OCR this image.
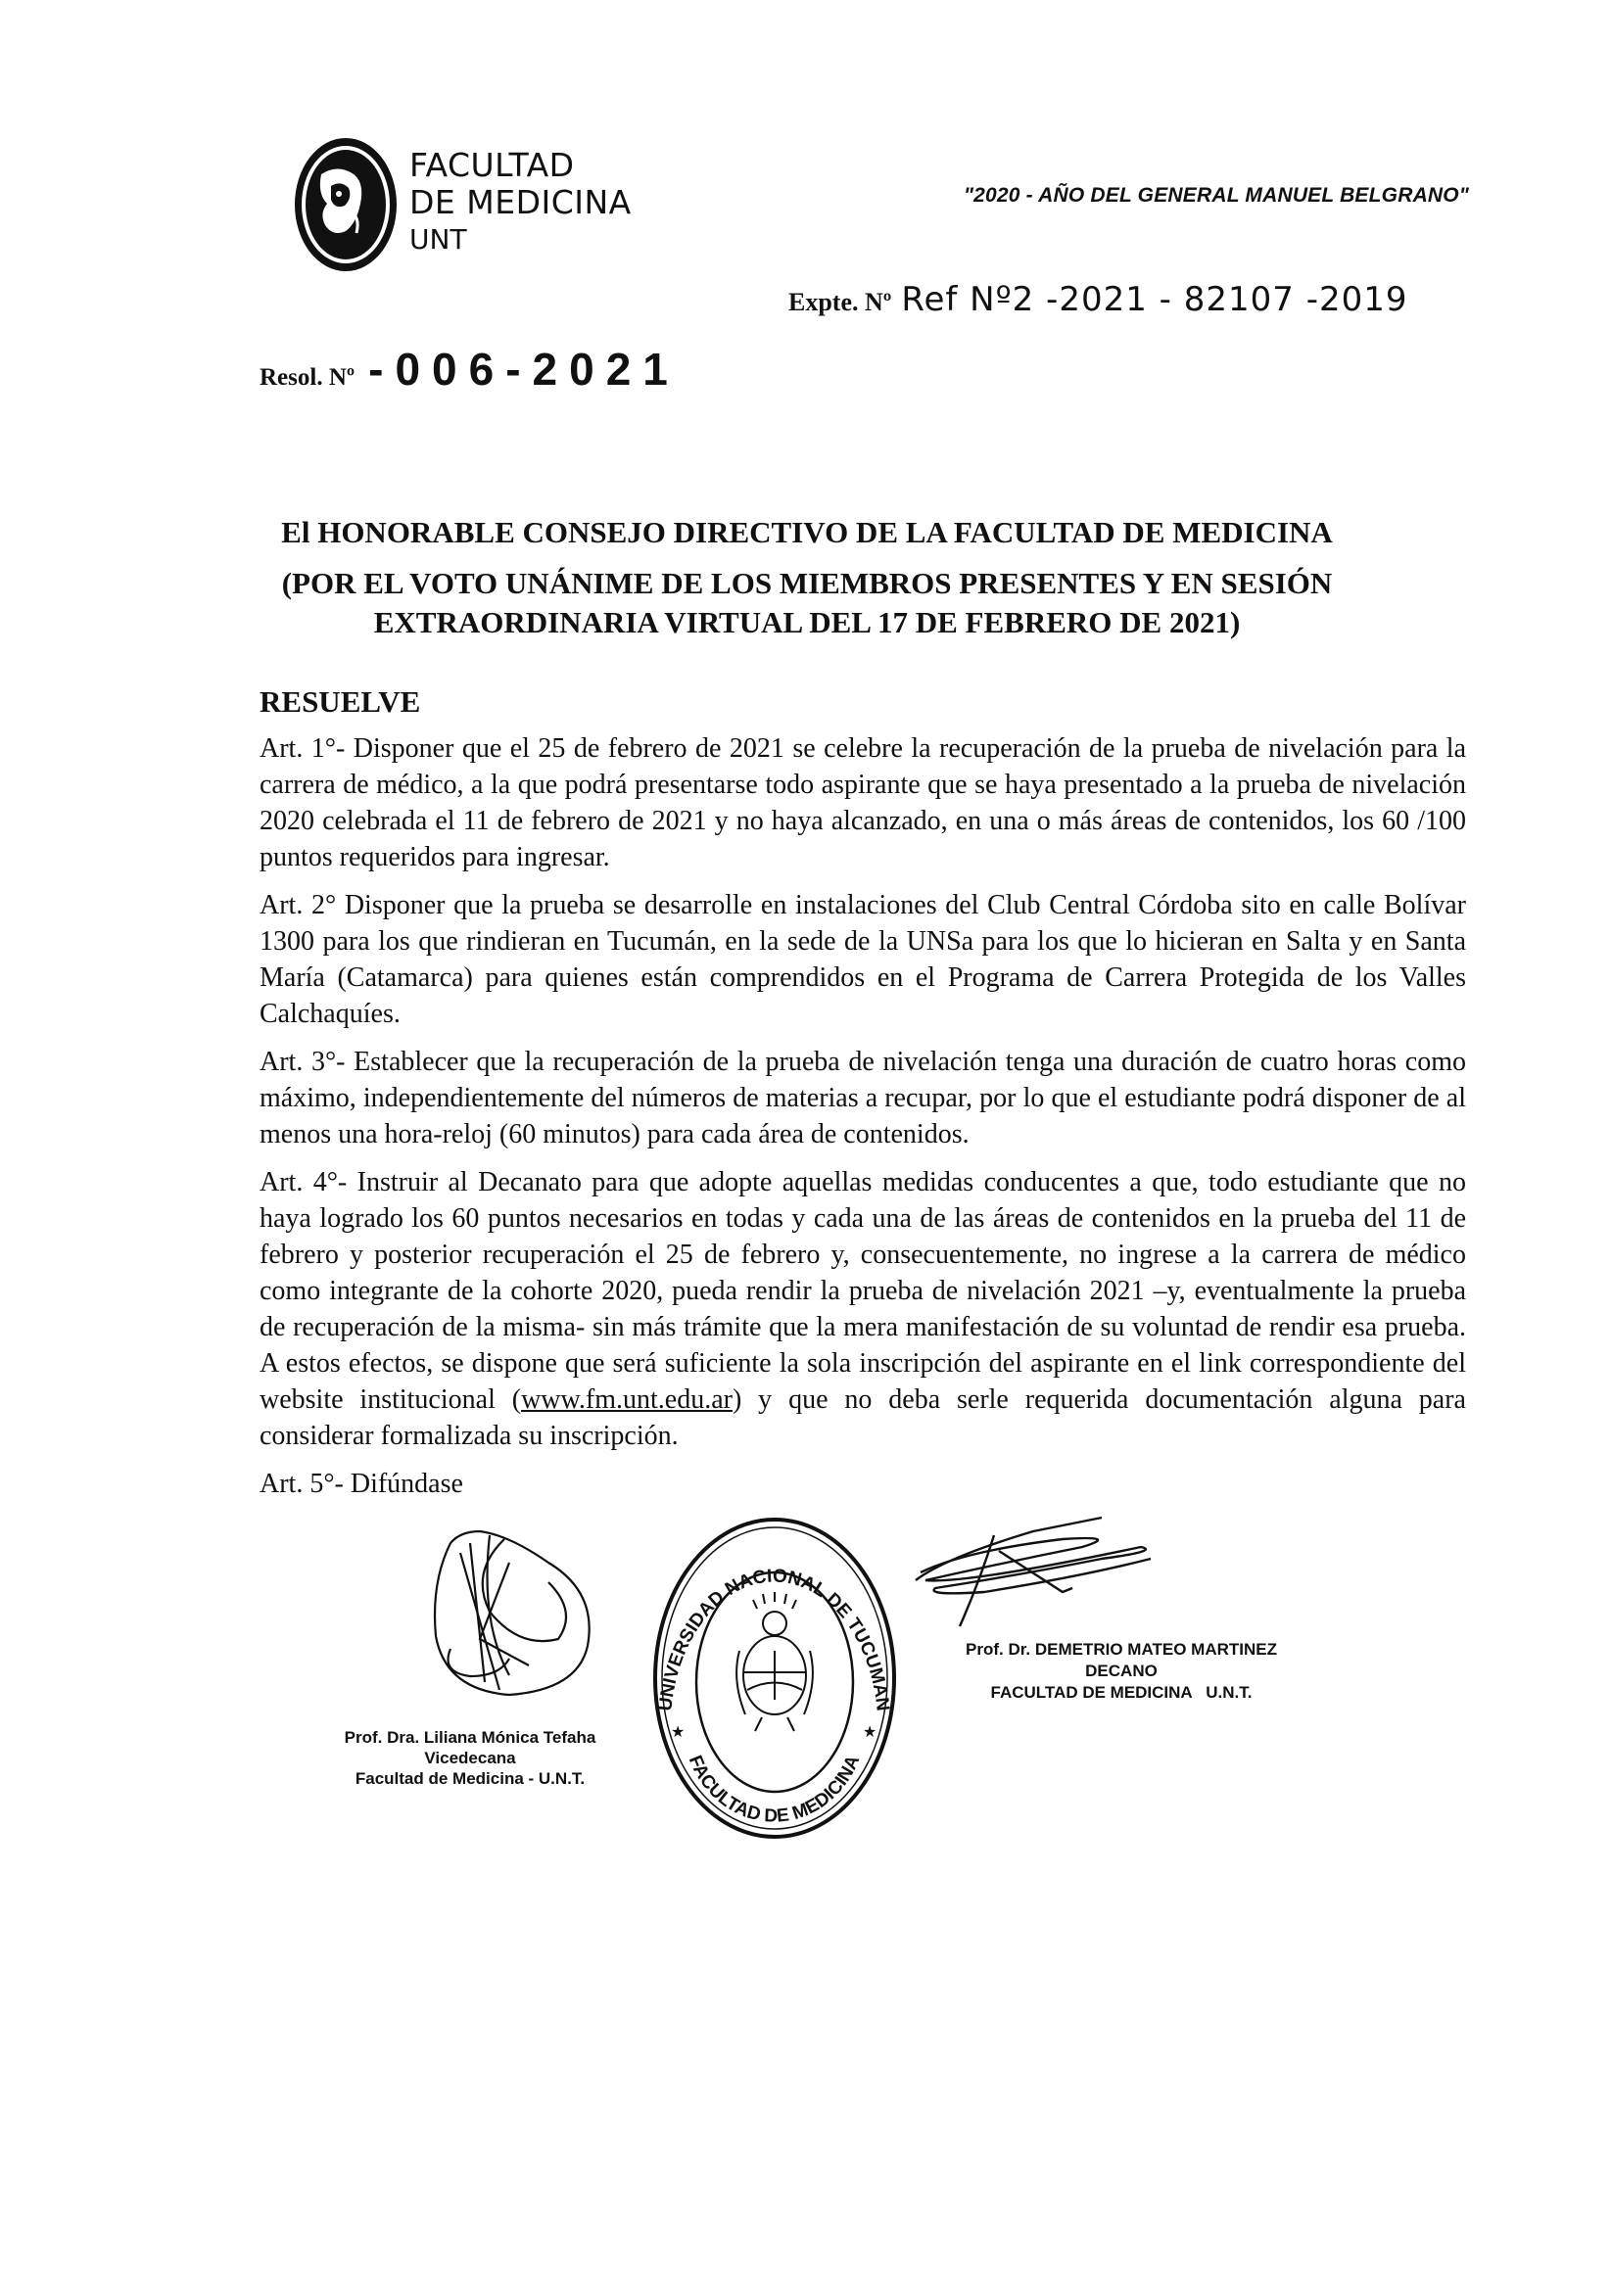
FACULTAD
DE MEDICINA
UNT
"2020 - AÑO DEL GENERAL MANUEL BELGRANO"
Expte. Nº Ref Nº2 -2021 - 82107 -2019
Resol. Nº -006-2021
El HONORABLE CONSEJO DIRECTIVO DE LA FACULTAD DE MEDICINA
(POR EL VOTO UNÁNIME DE LOS MIEMBROS PRESENTES Y EN SESIÓN EXTRAORDINARIA VIRTUAL DEL 17 DE FEBRERO DE 2021)
RESUELVE

Art. 1°- Disponer que el 25 de febrero de 2021 se celebre la recuperación de la prueba de nivelación para la carrera de médico, a la que podrá presentarse todo aspirante que se haya presentado a la prueba de nivelación 2020 celebrada el 11 de febrero de 2021 y no haya alcanzado, en una o más áreas de contenidos, los 60 /100 puntos requeridos para ingresar.

Art. 2° Disponer que la prueba se desarrolle en instalaciones del Club Central Córdoba sito en calle Bolívar 1300 para los que rindieran en Tucumán, en la sede de la UNSa para los que lo hicieran en Salta y en Santa María (Catamarca) para quienes están comprendidos en el Programa de Carrera Protegida de los Valles Calchaquíes.

Art. 3°- Establecer que la recuperación de la prueba de nivelación tenga una duración de cuatro horas como máximo, independientemente del números de materias a recupar, por lo que el estudiante podrá disponer de al menos una hora-reloj (60 minutos) para cada área de contenidos.

Art. 4°- Instruir al Decanato para que adopte aquellas medidas conducentes a que, todo estudiante que no haya logrado los 60 puntos necesarios en todas y cada una de las áreas de contenidos en la prueba del 11 de febrero y posterior recuperación el 25 de febrero y, consecuentemente, no ingrese a la carrera de médico como integrante de la cohorte 2020, pueda rendir la prueba de nivelación 2021 –y, eventualmente la prueba de recuperación de la misma- sin más trámite que la mera manifestación de su voluntad de rendir esa prueba. A estos efectos, se dispone que será suficiente la sola inscripción del aspirante en el link correspondiente del website institucional (www.fm.unt.edu.ar) y que no deba serle requerida documentación alguna para considerar formalizada su inscripción.

Art. 5°- Difúndase

UNIVERSIDAD NACIONAL DE TUCUMAN
FACULTAD DE MEDICINA
★	★
Prof. Dra. Liliana Mónica Tefaha
Vicedecana
Facultad de Medicina - U.N.T.
Prof. Dr. DEMETRIO MATEO MARTINEZ
DECANO
FACULTAD DE MEDICINA   U.N.T.
